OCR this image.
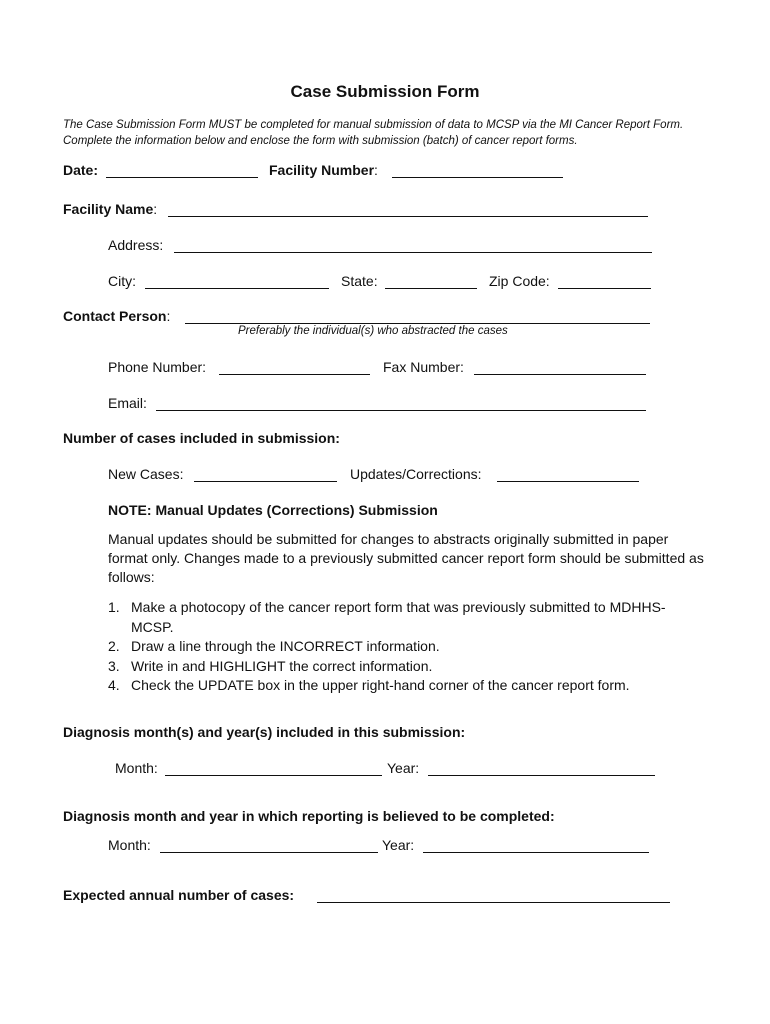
Case Submission Form
The Case Submission Form MUST be completed for manual submission of data to MCSP via the MI Cancer Report Form. Complete the information below and enclose the form with submission (batch) of cancer report forms.
Date:	Facility Number:
Facility Name:
Address:
City:	State:	Zip Code:
Contact Person:
Preferably the individual(s) who abstracted the cases
Phone Number:	Fax Number:
Email:
Number of cases included in submission:
New Cases:	Updates/Corrections:
NOTE: Manual Updates (Corrections) Submission
Manual updates should be submitted for changes to abstracts originally submitted in paper format only. Changes made to a previously submitted cancer report form should be submitted as follows:
1. Make a photocopy of the cancer report form that was previously submitted to MDHHS-MCSP.
2. Draw a line through the INCORRECT information.
3. Write in and HIGHLIGHT the correct information.
4. Check the UPDATE box in the upper right-hand corner of the cancer report form.
Diagnosis month(s) and year(s) included in this submission:
Month:	Year:
Diagnosis month and year in which reporting is believed to be completed:
Month:	Year:
Expected annual number of cases:
